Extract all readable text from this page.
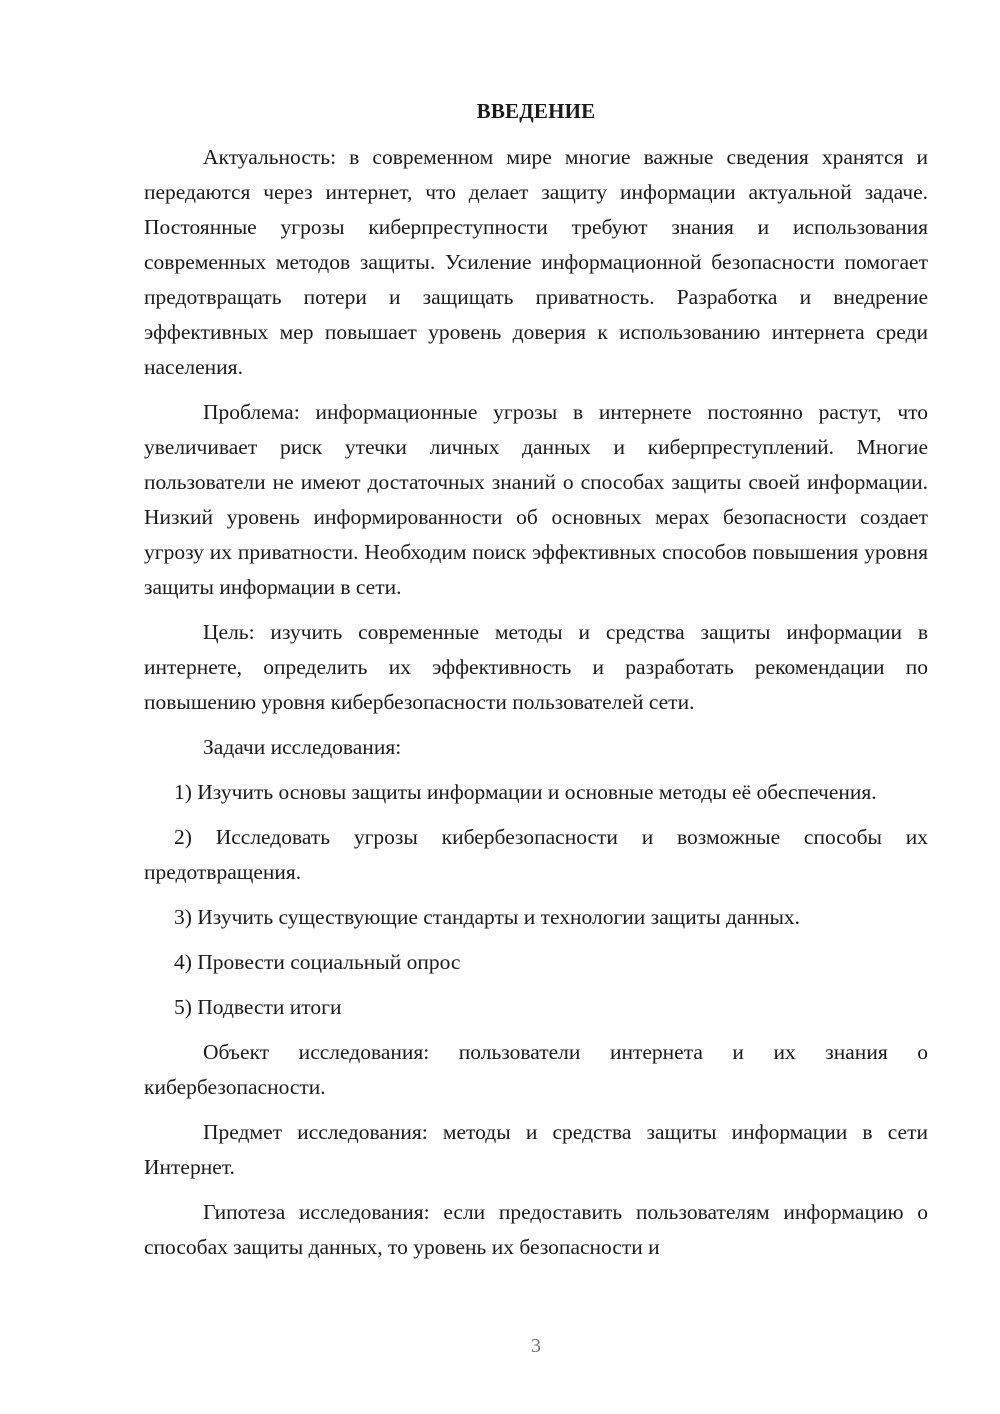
ВВЕДЕНИЕ

Актуальность: в современном мире многие важные сведения хранятся и передаются через интернет, что делает защиту информации актуальной задаче. Постоянные угрозы киберпреступности требуют знания и использования современных методов защиты. Усиление информационной безопасности помогает предотвращать потери и защищать приватность. Разработка и внедрение эффективных мер повышает уровень доверия к использованию интернета среди населения.

Проблема: информационные угрозы в интернете постоянно растут, что увеличивает риск утечки личных данных и киберпреступлений. Многие пользователи не имеют достаточных знаний о способах защиты своей информации. Низкий уровень информированности об основных мерах безопасности создает угрозу их приватности. Необходим поиск эффективных способов повышения уровня защиты информации в сети.

Цель: изучить современные методы и средства защиты информации в интернете, определить их эффективность и разработать рекомендации по повышению уровня кибербезопасности пользователей сети.

Задачи исследования:

1) Изучить основы защиты информации и основные методы её обеспечения.

2) Исследовать угрозы кибербезопасности и возможные способы их предотвращения.

3) Изучить существующие стандарты и технологии защиты данных.

4) Провести социальный опрос

5) Подвести итоги

Объект исследования: пользователи интернета и их знания о кибербезопасности.

Предмет исследования: методы и средства защиты информации в сети Интернет.

Гипотеза исследования: если предоставить пользователям информацию о способах защиты данных, то уровень их безопасности и

3
